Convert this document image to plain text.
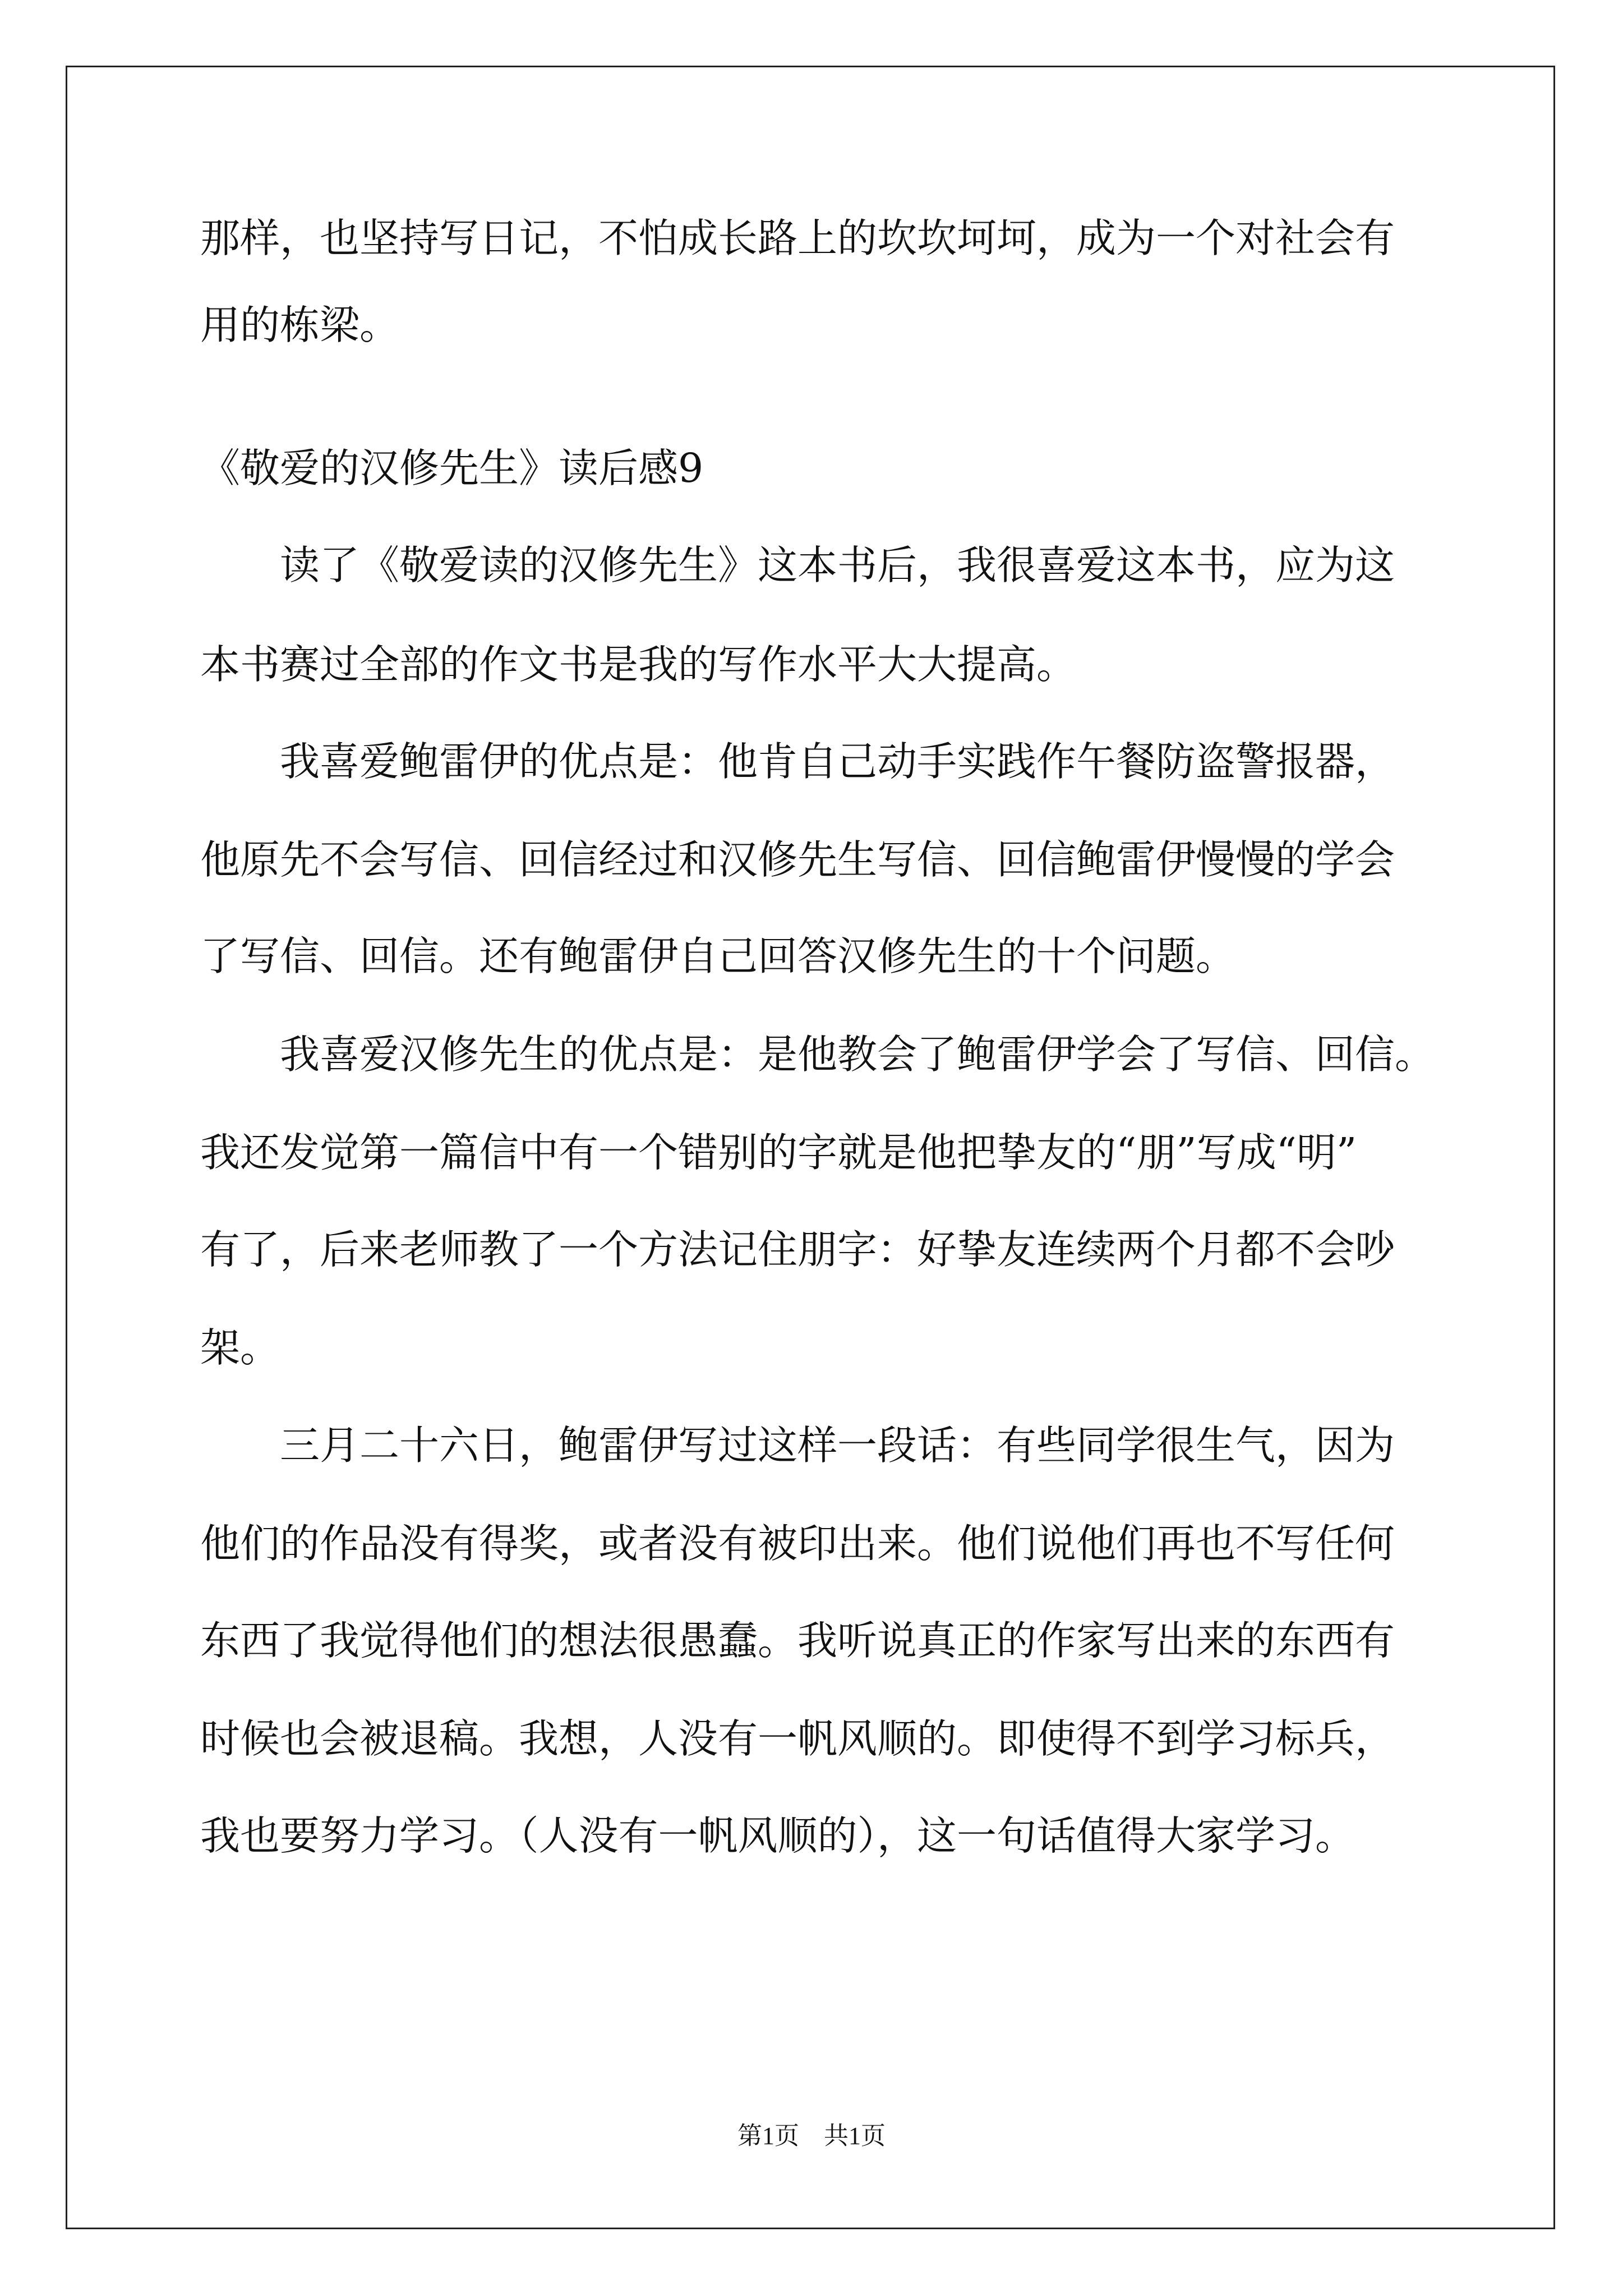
那样，也坚持写日记，不怕成长路上的坎坎坷坷，成为一个对社会有
用的栋梁。
《敬爱的汉修先生》读后感9
读了《敬爱读的汉修先生》这本书后，我很喜爱这本书，应为这
本书赛过全部的作文书是我的写作水平大大提高。
我喜爱鲍雷伊的优点是：他肯自己动手实践作午餐防盗警报器，
他原先不会写信、回信经过和汉修先生写信、回信鲍雷伊慢慢的学会
了写信、回信。还有鲍雷伊自己回答汉修先生的十个问题。
我喜爱汉修先生的优点是：是他教会了鲍雷伊学会了写信、回信。
我还发觉第一篇信中有一个错别的字就是他把挚友的“朋”写成“明”
有了，后来老师教了一个方法记住朋字：好挚友连续两个月都不会吵
架。
三月二十六日，鲍雷伊写过这样一段话：有些同学很生气，因为
他们的作品没有得奖，或者没有被印出来。他们说他们再也不写任何
东西了我觉得他们的想法很愚蠢。我听说真正的作家写出来的东西有
时候也会被退稿。我想，人没有一帆风顺的。即使得不到学习标兵，
我也要努力学习。（人没有一帆风顺的），这一句话值得大家学习。
第1页　共1页
